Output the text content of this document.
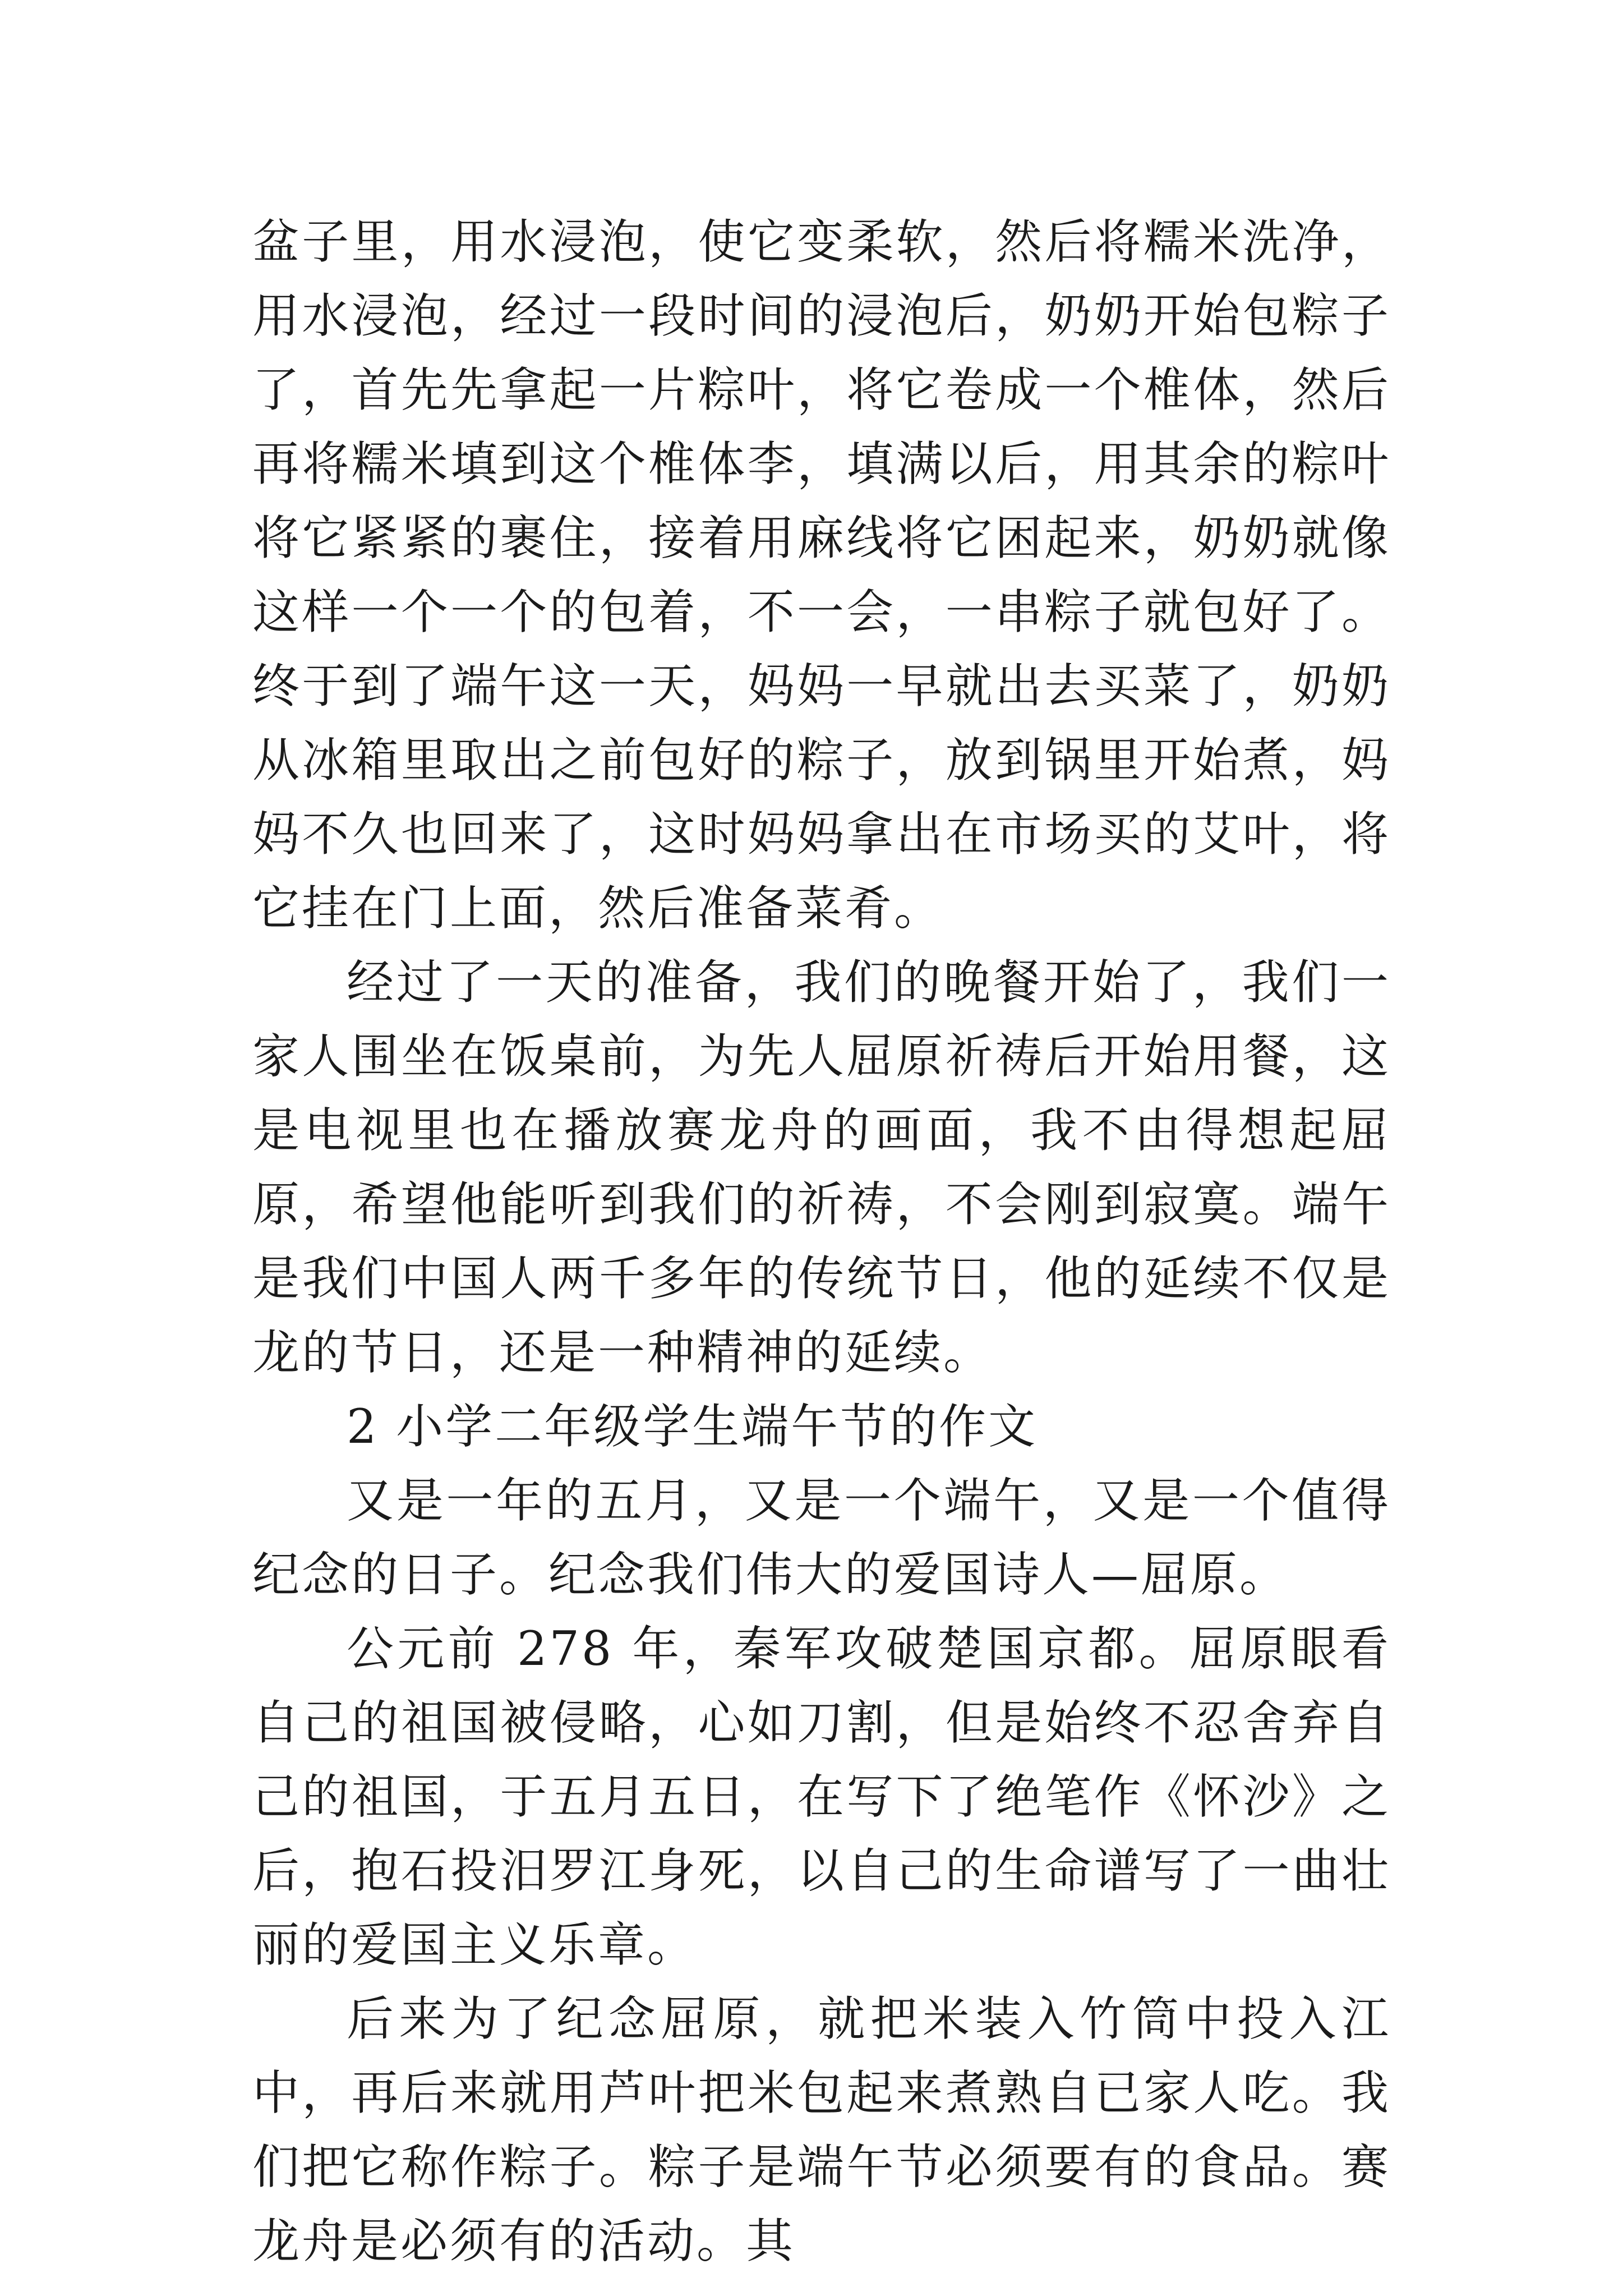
盆子里，用水浸泡，使它变柔软，然后将糯米洗净，用水浸泡，经过一段时间的浸泡后，奶奶开始包粽子了，首先先拿起一片粽叶，将它卷成一个椎体，然后再将糯米填到这个椎体李，填满以后，用其余的粽叶将它紧紧的裹住，接着用麻线将它困起来，奶奶就像这样一个一个的包着，不一会，一串粽子就包好了。终于到了端午这一天，妈妈一早就出去买菜了，奶奶从冰箱里取出之前包好的粽子，放到锅里开始煮，妈妈不久也回来了，这时妈妈拿出在市场买的艾叶，将它挂在门上面，然后准备菜肴。

经过了一天的准备，我们的晚餐开始了，我们一家人围坐在饭桌前，为先人屈原祈祷后开始用餐，这是电视里也在播放赛龙舟的画面，我不由得想起屈原，希望他能听到我们的祈祷，不会刚到寂寞。端午是我们中国人两千多年的传统节日，他的延续不仅是龙的节日，还是一种精神的延续。

2 小学二年级学生端午节的作文

又是一年的五月，又是一个端午，又是一个值得纪念的日子。纪念我们伟大的爱国诗人—屈原。

公元前 278 年，秦军攻破楚国京都。屈原眼看自己的祖国被侵略，心如刀割，但是始终不忍舍弃自己的祖国，于五月五日，在写下了绝笔作《怀沙》之后，抱石投汨罗江身死，以自己的生命谱写了一曲壮丽的爱国主义乐章。

后来为了纪念屈原，就把米装入竹筒中投入江中，再后来就用芦叶把米包起来煮熟自已家人吃。我们把它称作粽子。粽子是端午节必须要有的食品。赛龙舟是必须有的活动。其
